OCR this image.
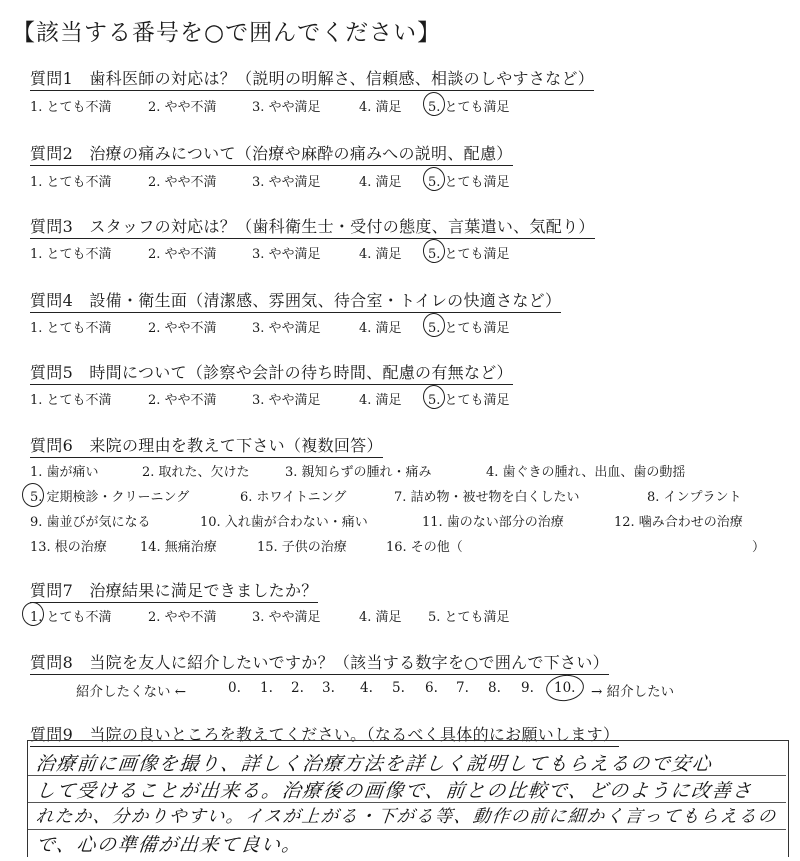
【該当する番号を○で囲んでください】
質問1　歯科医師の対応は？（説明の明解さ、信頼感、相談のしやすさなど）
1. とても不満	2. やや不満	3. やや満足	4. 満足 5. とても満足
質問2　治療の痛みについて（治療や麻酔の痛みへの説明、配慮）
1. とても不満	2. やや不満	3. やや満足	4. 満足 5. とても満足
質問3　スタッフの対応は？（歯科衛生士・受付の態度、言葉遣い、気配り）
1. とても不満	2. やや不満	3. やや満足	4. 満足 5. とても満足
質問4　設備・衛生面（清潔感、雰囲気、待合室・トイレの快適さなど）
1. とても不満	2. やや不満	3. やや満足	4. 満足 5. とても満足
質問5　時間について（診察や会計の待ち時間、配慮の有無など）
1. とても不満	2. やや不満	3. やや満足	4. 満足 5. とても満足
質問6　来院の理由を教えて下さい（複数回答）
1. 歯が痛い	2. 取れた、欠けた	3. 親知らずの腫れ・痛み	4. 歯ぐきの腫れ、出血、歯の動揺
5. 定期検診・クリーニング	6. ホワイトニング	7. 詰め物・被せ物を白くしたい	8. インプラント
9. 歯並びが気になる	10. 入れ歯が合わない・痛い	11. 歯のない部分の治療	12. 噛み合わせの治療
13. 根の治療	14. 無痛治療	15. 子供の治療	16. その他（	）
質問7　治療結果に満足できましたか？
1. とても不満	2. やや不満	3. やや満足	4. 満足 5. とても満足
質問8　当院を友人に紹介したいですか？（該当する数字を○で囲んで下さい）
紹介したくない ←	0. 1. 2. 3. 4. 5. 6. 7. 8. 9. 10. → 紹介したい
質問9　当院の良いところを教えてください。（なるべく具体的にお願いします）
治療前に画像を撮り、詳しく治療方法を詳しく説明してもらえるので安心
して受けることが出来る。治療後の画像で、前との比較で、どのように改善さ
れたか、分かりやすい。イスが上がる・下がる等、動作の前に細かく言ってもらえるの
で、心の準備が出来て良い。
